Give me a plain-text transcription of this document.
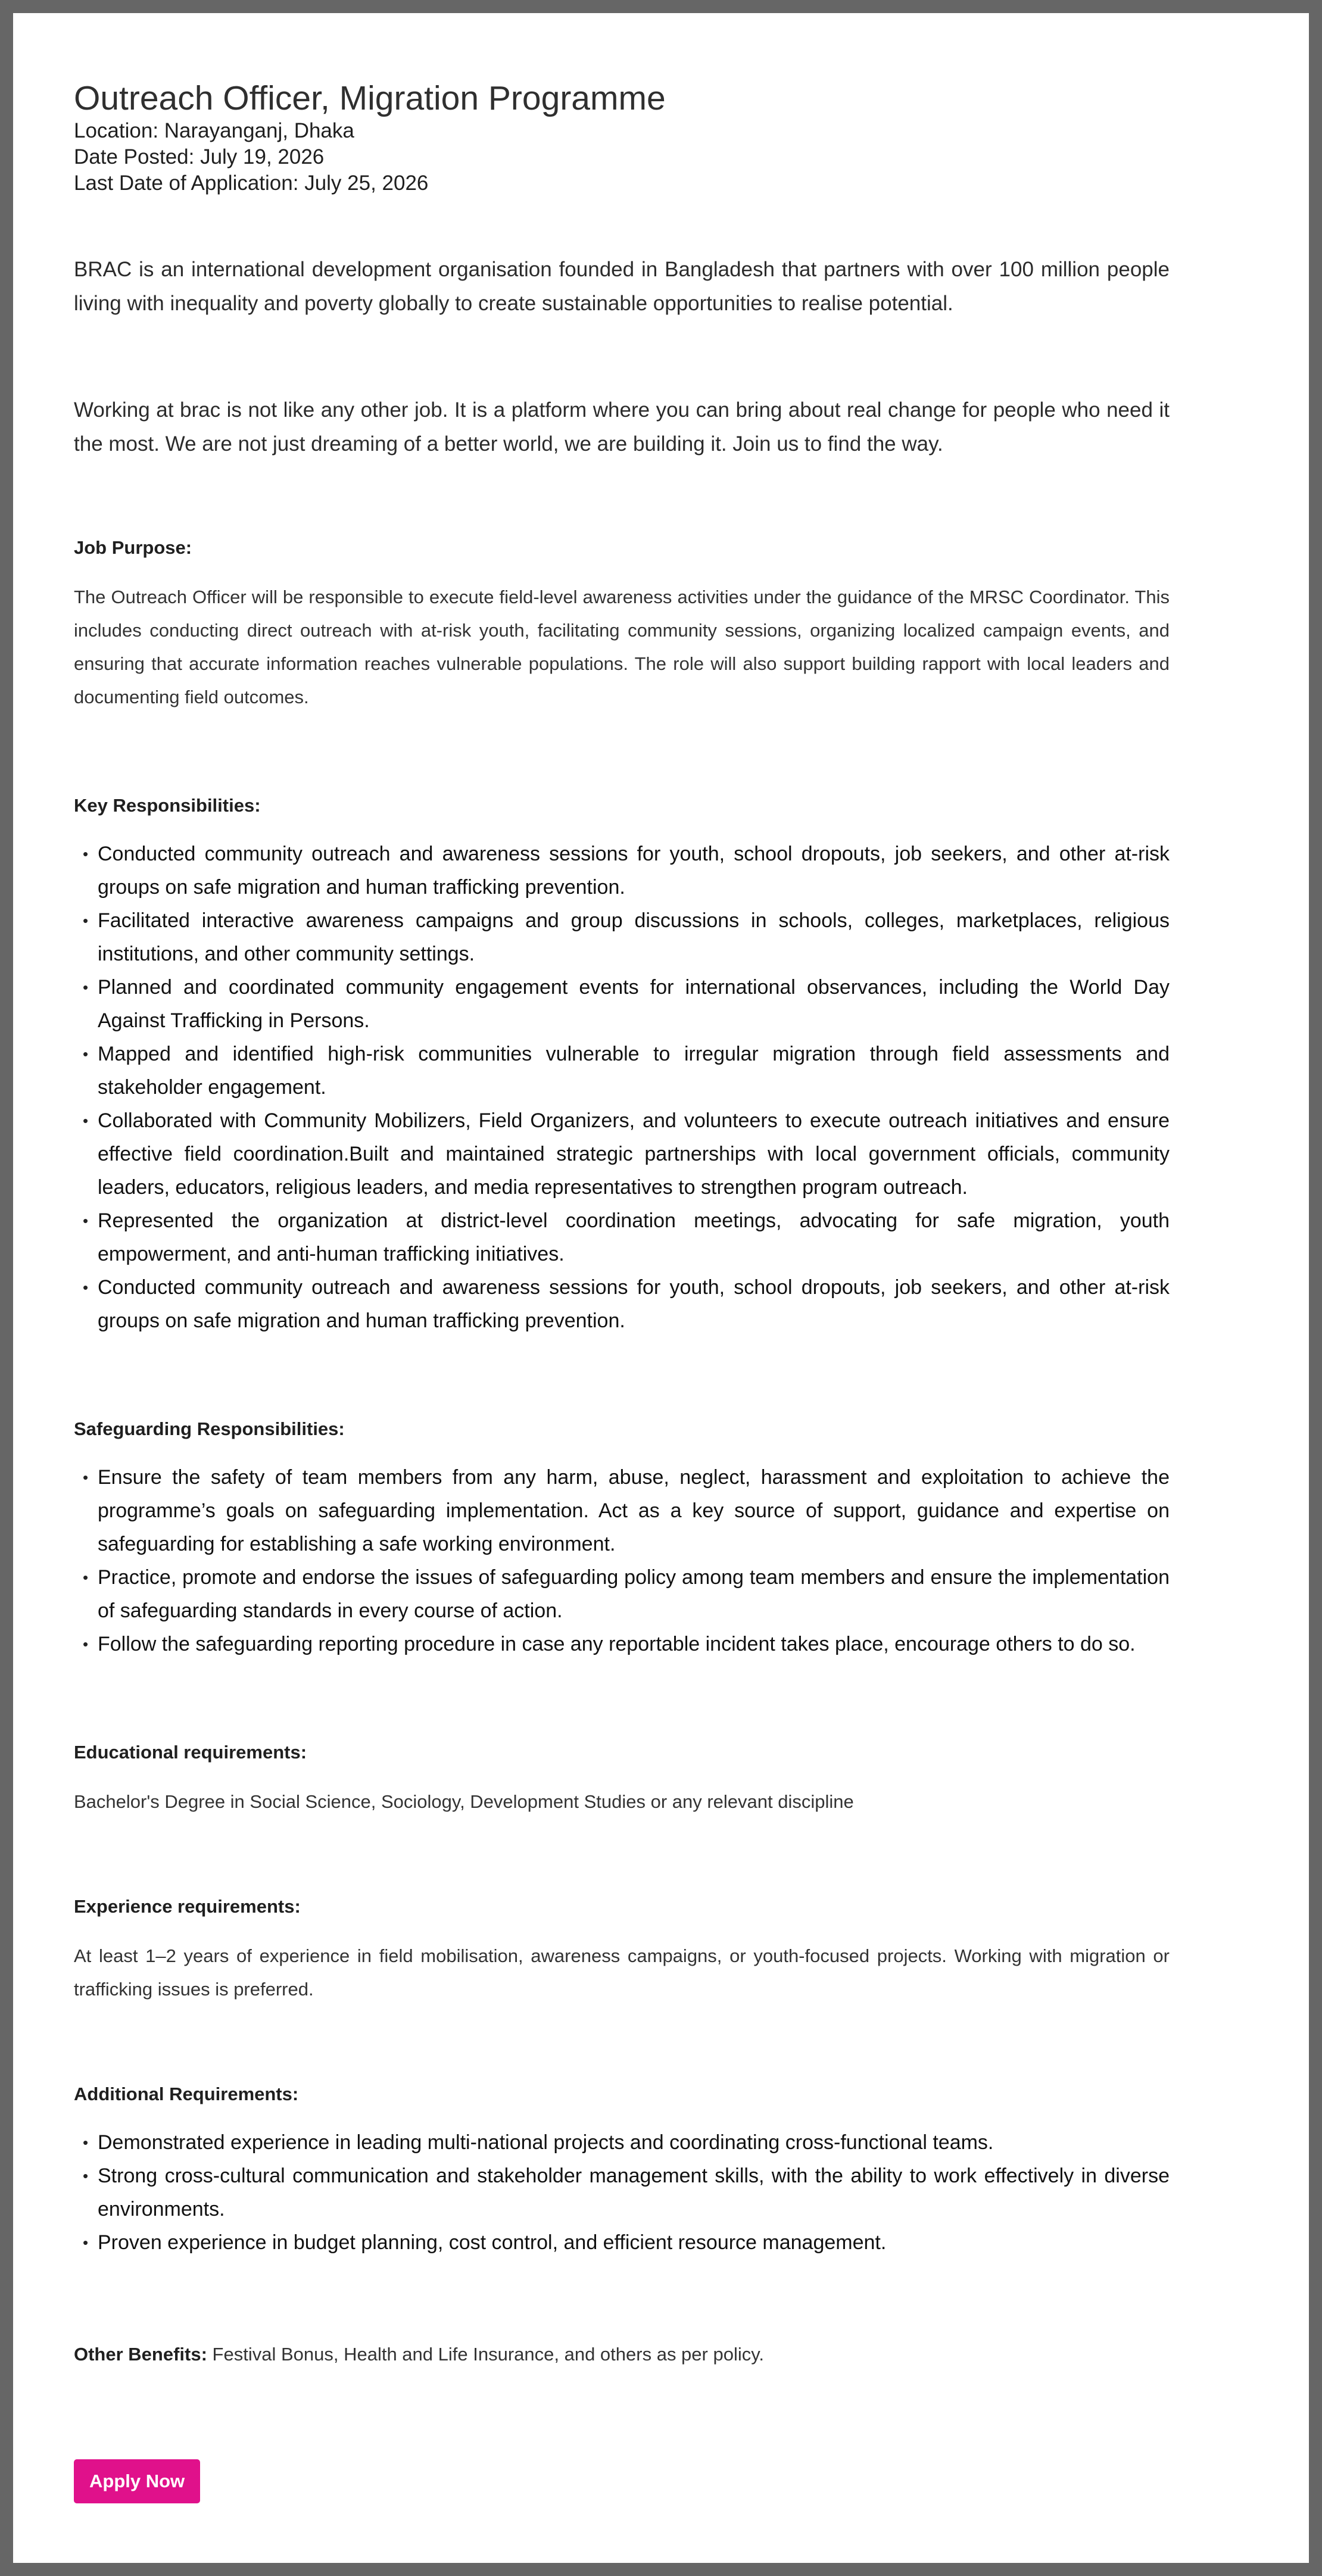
Outreach Officer, Migration Programme
Location: Narayanganj, Dhaka
Date Posted: July 19, 2026
Last Date of Application: July 25, 2026

BRAC is an international development organisation founded in Bangladesh that partners with over 100 million people living with inequality and poverty globally to create sustainable opportunities to realise potential.

Working at brac is not like any other job. It is a platform where you can bring about real change for people who need it the most. We are not just dreaming of a better world, we are building it. Join us to find the way.

Job Purpose:

The Outreach Officer will be responsible to execute field-level awareness activities under the guidance of the MRSC Coordinator. This includes conducting direct outreach with at-risk youth, facilitating community sessions, organizing localized campaign events, and ensuring that accurate information reaches vulnerable populations. The role will also support building rapport with local leaders and documenting field outcomes.

Key Responsibilities:

• Conducted community outreach and awareness sessions for youth, school dropouts, job seekers, and other at-risk groups on safe migration and human trafficking prevention.
• Facilitated interactive awareness campaigns and group discussions in schools, colleges, marketplaces, religious institutions, and other community settings.
• Planned and coordinated community engagement events for international observances, including the World Day Against Trafficking in Persons.
• Mapped and identified high-risk communities vulnerable to irregular migration through field assessments and stakeholder engagement.
• Collaborated with Community Mobilizers, Field Organizers, and volunteers to execute outreach initiatives and ensure effective field coordination.Built and maintained strategic partnerships with local government officials, community leaders, educators, religious leaders, and media representatives to strengthen program outreach.
• Represented the organization at district-level coordination meetings, advocating for safe migration, youth empowerment, and anti-human trafficking initiatives.
• Conducted community outreach and awareness sessions for youth, school dropouts, job seekers, and other at-risk groups on safe migration and human trafficking prevention.

Safeguarding Responsibilities:

• Ensure the safety of team members from any harm, abuse, neglect, harassment and exploitation to achieve the programme’s goals on safeguarding implementation. Act as a key source of support, guidance and expertise on safeguarding for establishing a safe working environment.
• Practice, promote and endorse the issues of safeguarding policy among team members and ensure the implementation of safeguarding standards in every course of action.
• Follow the safeguarding reporting procedure in case any reportable incident takes place, encourage others to do so.

Educational requirements:

Bachelor's Degree in Social Science, Sociology, Development Studies or any relevant discipline

Experience requirements:

At least 1–2 years of experience in field mobilisation, awareness campaigns, or youth-focused projects. Working with migration or trafficking issues is preferred.

Additional Requirements:

• Demonstrated experience in leading multi-national projects and coordinating cross-functional teams.
• Strong cross-cultural communication and stakeholder management skills, with the ability to work effectively in diverse environments.
• Proven experience in budget planning, cost control, and efficient resource management.

Other Benefits: Festival Bonus, Health and Life Insurance, and others as per policy.

Apply Now
